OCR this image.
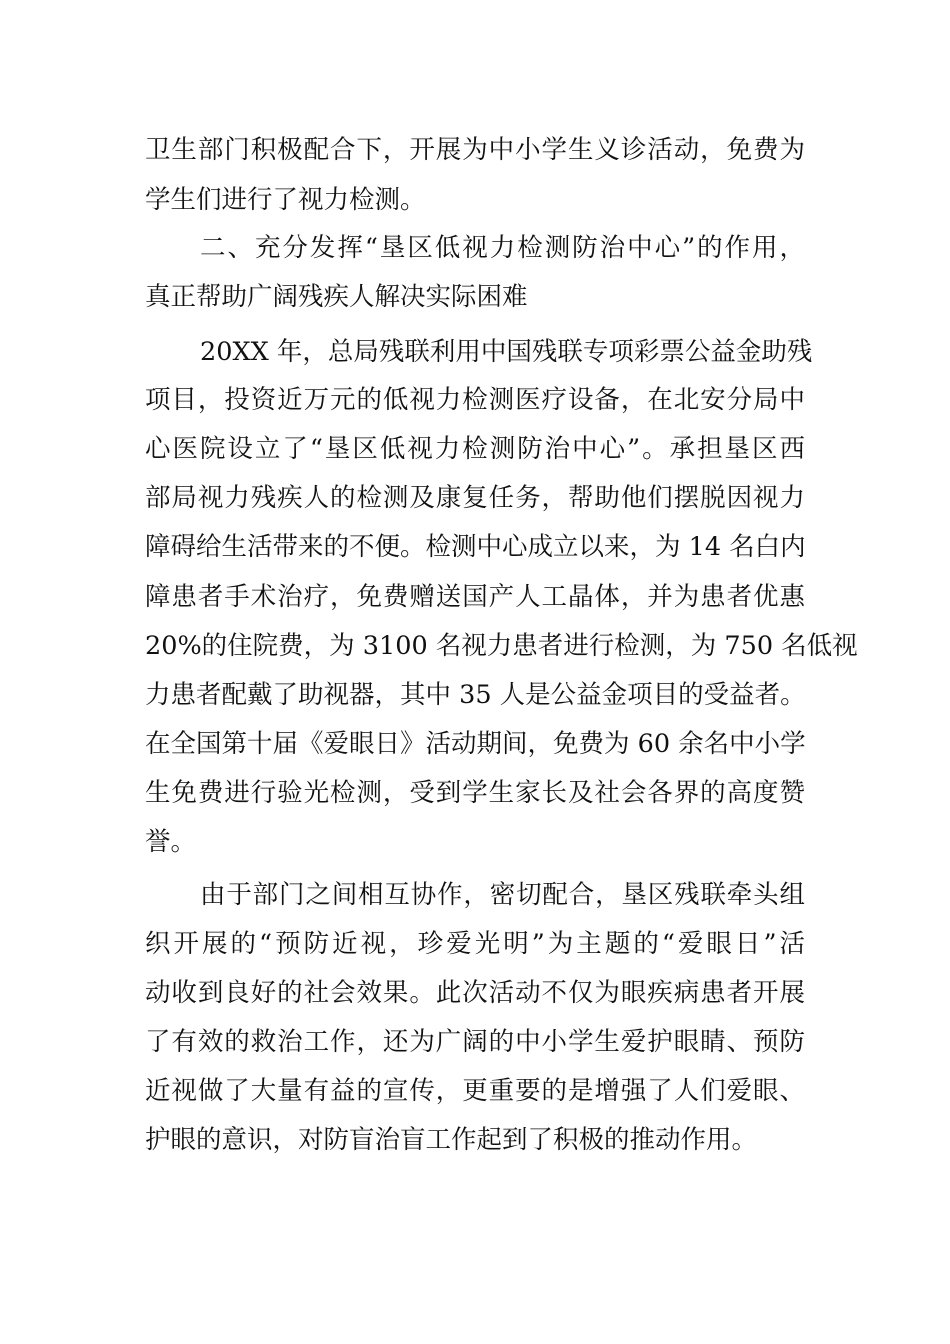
卫生部门积极配合下，开展为中小学生义诊活动，免费为
学生们进行了视力检测。
二、充分发挥“垦区低视力检测防治中心”的作用，
真正帮助广阔残疾人解决实际困难
20XX 年，总局残联利用中国残联专项彩票公益金助残
项目，投资近万元的低视力检测医疗设备，在北安分局中
心医院设立了“垦区低视力检测防治中心”。承担垦区西
部局视力残疾人的检测及康复任务，帮助他们摆脱因视力
障碍给生活带来的不便。检测中心成立以来，为 14 名白内
障患者手术治疗，免费赠送国产人工晶体，并为患者优惠
20%的住院费，为 3100 名视力患者进行检测，为 750 名低视
力患者配戴了助视器，其中 35 人是公益金项目的受益者。
在全国第十届《爱眼日》活动期间，免费为 60 余名中小学
生免费进行验光检测，受到学生家长及社会各界的高度赞
誉。
由于部门之间相互协作，密切配合，垦区残联牵头组
织开展的“预防近视，珍爱光明”为主题的“爱眼日”活
动收到良好的社会效果。此次活动不仅为眼疾病患者开展
了有效的救治工作，还为广阔的中小学生爱护眼睛、预防
近视做了大量有益的宣传，更重要的是增强了人们爱眼、
护眼的意识，对防盲治盲工作起到了积极的推动作用。
